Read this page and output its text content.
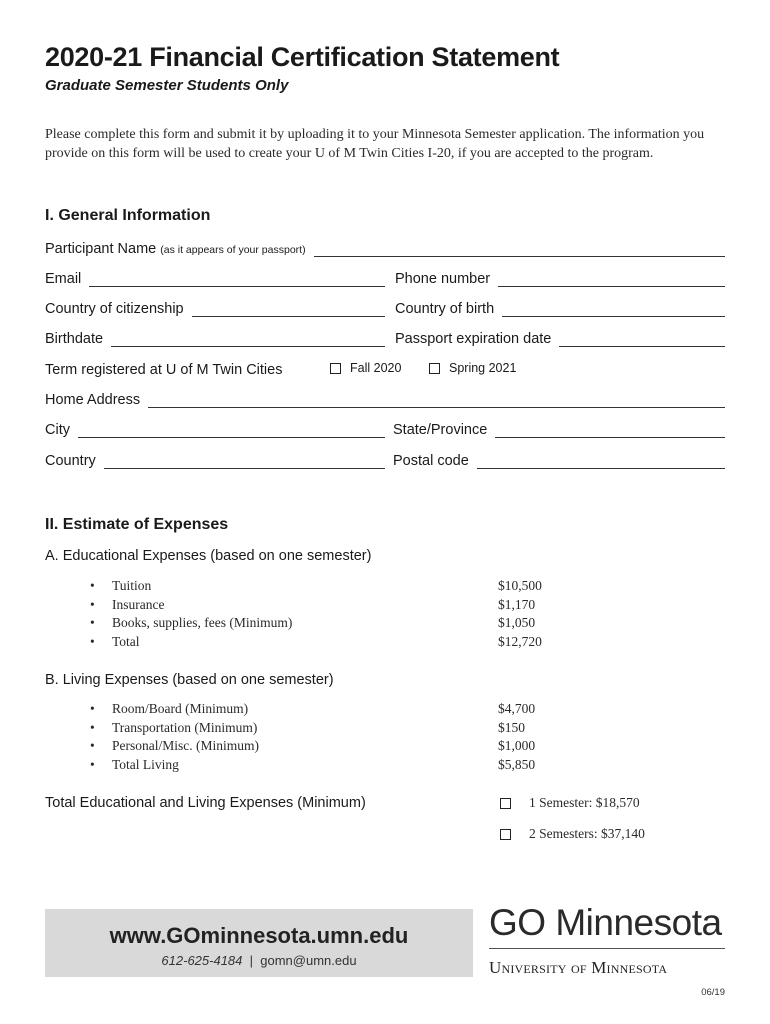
2020-21 Financial Certification Statement
Graduate Semester Students Only
Please complete this form and submit it by uploading it to your Minnesota Semester application. The information you provide on this form will be used to create your U of M Twin Cities I-20, if you are accepted to the program.
I. General Information
Participant Name (as it appears of your passport)
Email	Phone number
Country of citizenship	Country of birth
Birthdate	Passport expiration date
Term registered at U of M Twin Cities	Fall 2020	Spring 2021
Home Address
City	State/Province
Country	Postal code
II. Estimate of Expenses
A. Educational Expenses (based on one semester)
• Tuition	$10,500
• Insurance	$1,170
• Books, supplies, fees (Minimum)	$1,050
• Total	$12,720
B. Living Expenses (based on one semester)
• Room/Board (Minimum)	$4,700
• Transportation (Minimum)	$150
• Personal/Misc. (Minimum)	$1,000
• Total Living	$5,850
Total Educational and Living Expenses (Minimum)	1 Semester: $18,570
2 Semesters: $37,140
www.GOminnesota.umn.edu
612-625-4184 | gomn@umn.edu
GO Minnesota
University of Minnesota
06/19
